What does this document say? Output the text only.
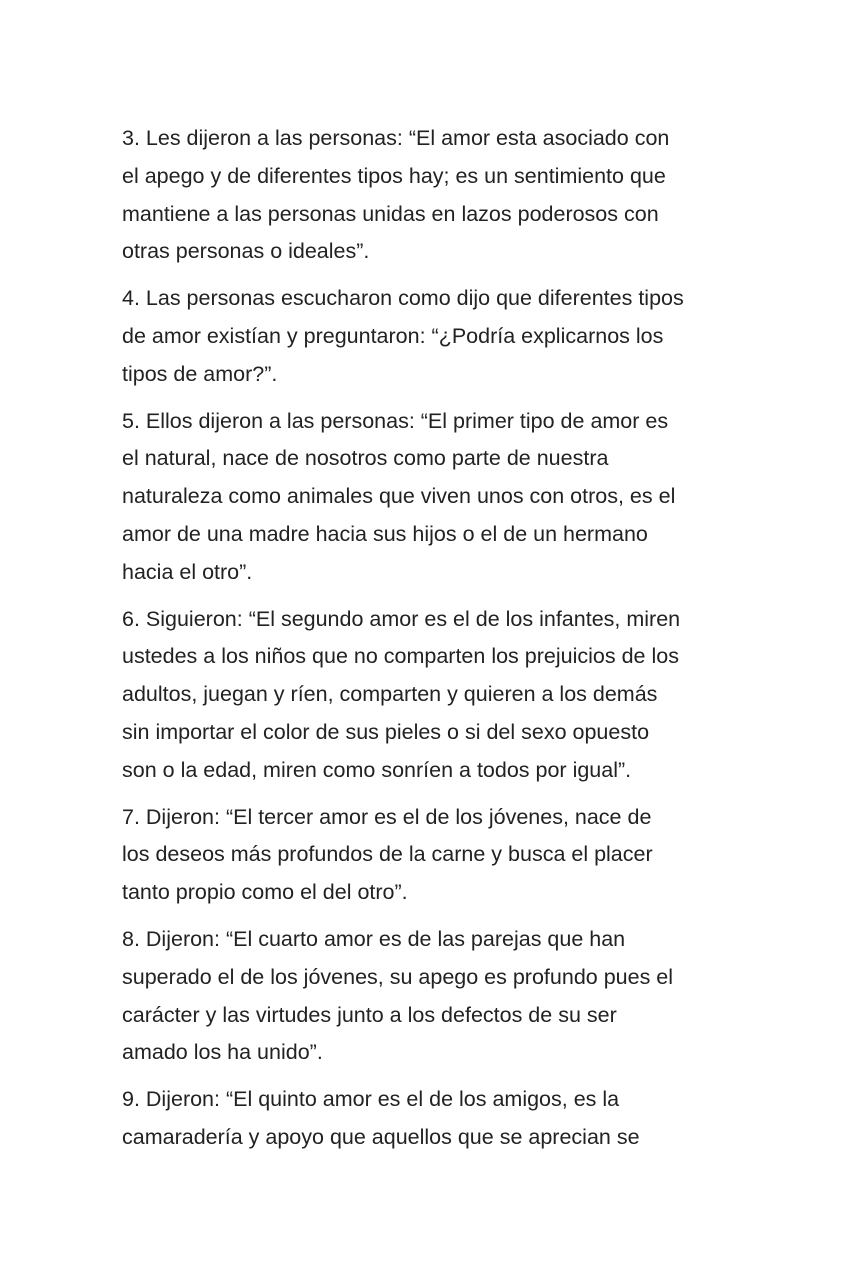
3. Les dijeron a las personas: “El amor esta asociado con
el apego y de diferentes tipos hay; es un sentimiento que
mantiene a las personas unidas en lazos poderosos con
otras personas o ideales”.

4. Las personas escucharon como dijo que diferentes tipos
de amor existían y preguntaron: “¿Podría explicarnos los
tipos de amor?”.

5. Ellos dijeron a las personas: “El primer tipo de amor es
el natural, nace de nosotros como parte de nuestra
naturaleza como animales que viven unos con otros, es el
amor de una madre hacia sus hijos o el de un hermano
hacia el otro”.

6. Siguieron: “El segundo amor es el de los infantes, miren
ustedes a los niños que no comparten los prejuicios de los
adultos, juegan y ríen, comparten y quieren a los demás
sin importar el color de sus pieles o si del sexo opuesto
son o la edad, miren como sonríen a todos por igual”.

7. Dijeron: “El tercer amor es el de los jóvenes, nace de
los deseos más profundos de la carne y busca el placer
tanto propio como el del otro”.

8. Dijeron: “El cuarto amor es de las parejas que han
superado el de los jóvenes, su apego es profundo pues el
carácter y las virtudes junto a los defectos de su ser
amado los ha unido”.

9. Dijeron: “El quinto amor es el de los amigos, es la
camaradería y apoyo que aquellos que se aprecian se
